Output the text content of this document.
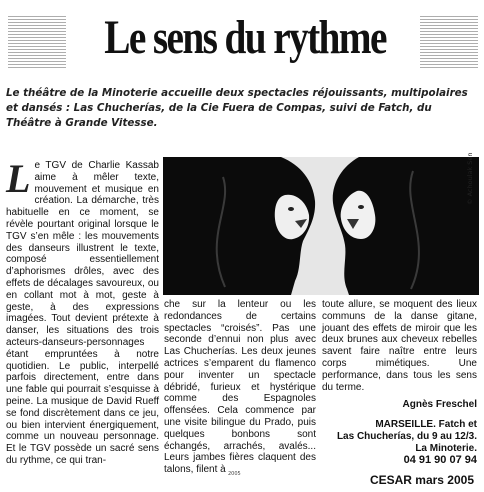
Le sens du rythme
Le théâtre de la Minoterie accueille deux spectacles réjouissants, multipolaires et dansés : Las Chucherías, de la Cie Fuera de Compas, suivi de Fatch, du Théâtre à Grande Vitesse.
L e TGV de Charlie Kassab aime à mêler texte, mouvement et musique en création. La démarche, très habituelle en ce moment, se révèle pourtant original lorsque le TGV s’en mêle : les mouvements des danseurs illustrent le texte, composé essentiellement d’aphorismes drôles, avec des effets de décalages savoureux, ou en collant mot à mot, geste à geste, à des expressions imagées. Tout devient prétexte à danser, les situations des trois acteurs-danseurs-personnages étant empruntées à notre quotidien. Le public, interpellé parfois directement, entre dans une fable qui pourrait s’esquisse à peine. La musique de David Rueff se fond discrètement dans ce jeu, ou bien intervient énergiquement, comme un nouveau personnage. Et le TGV possède un sacré sens du rythme, ce qui tran-
© Achoulak Sen
che sur la lenteur ou les redondances de certains spectacles “croisés”. Pas une seconde d’ennui non plus avec Las Chucherías. Les deux jeunes actrices s’emparent du flamenco pour inventer un spectacle débridé, furieux et hystérique comme des Espagnoles offensées. Cela commence par une visite bilingue du Prado, puis quelques bonbons sont échangés, arrachés, avalés... Leurs jambes fières claquent des talons, filent à
toute allure, se moquent des lieux communs de la danse gitane, jouant des effets de miroir que les deux brunes aux cheveux rebelles savent faire naître entre leurs corps mimétiques. Une performance, dans tous les sens du terme.
Agnès Freschel
MARSEILLE. Fatch et
Las Chucherías, du 9 au 12/3.
La Minoterie.
04 91 90 07 94
2005	CESAR mars 2005
